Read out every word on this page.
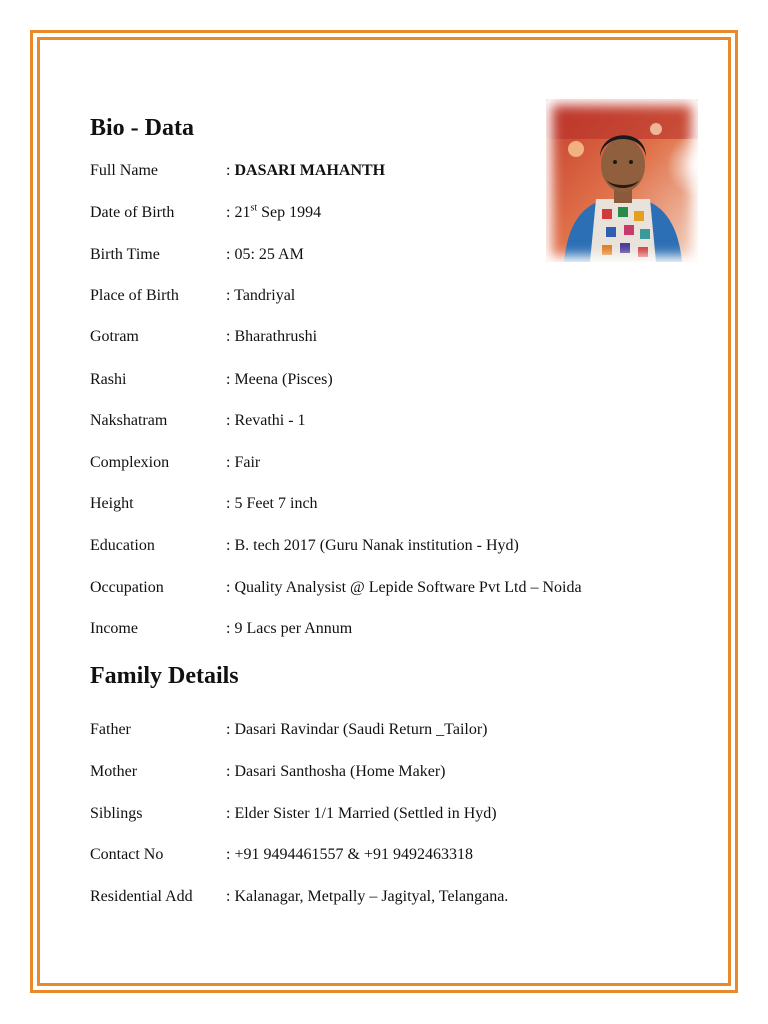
Bio - Data
Full Name	: DASARI MAHANTH
Date of Birth	: 21st Sep 1994
Birth Time	: 05: 25 AM
Place of Birth	: Tandriyal
Gotram	: Bharathrushi
Rashi	: Meena (Pisces)
Nakshatram	: Revathi - 1
Complexion	: Fair
Height	: 5 Feet 7 inch
Education	: B. tech 2017 (Guru Nanak institution - Hyd)
Occupation	: Quality Analysist @ Lepide Software Pvt Ltd – Noida
Income	: 9 Lacs per Annum
Family Details
Father	: Dasari Ravindar (Saudi Return _Tailor)
Mother	: Dasari Santhosha (Home Maker)
Siblings	: Elder Sister 1/1 Married (Settled in Hyd)
Contact No	: +91 9494461557 & +91 9492463318
Residential Add : Kalanagar, Metpally – Jagityal, Telangana.
